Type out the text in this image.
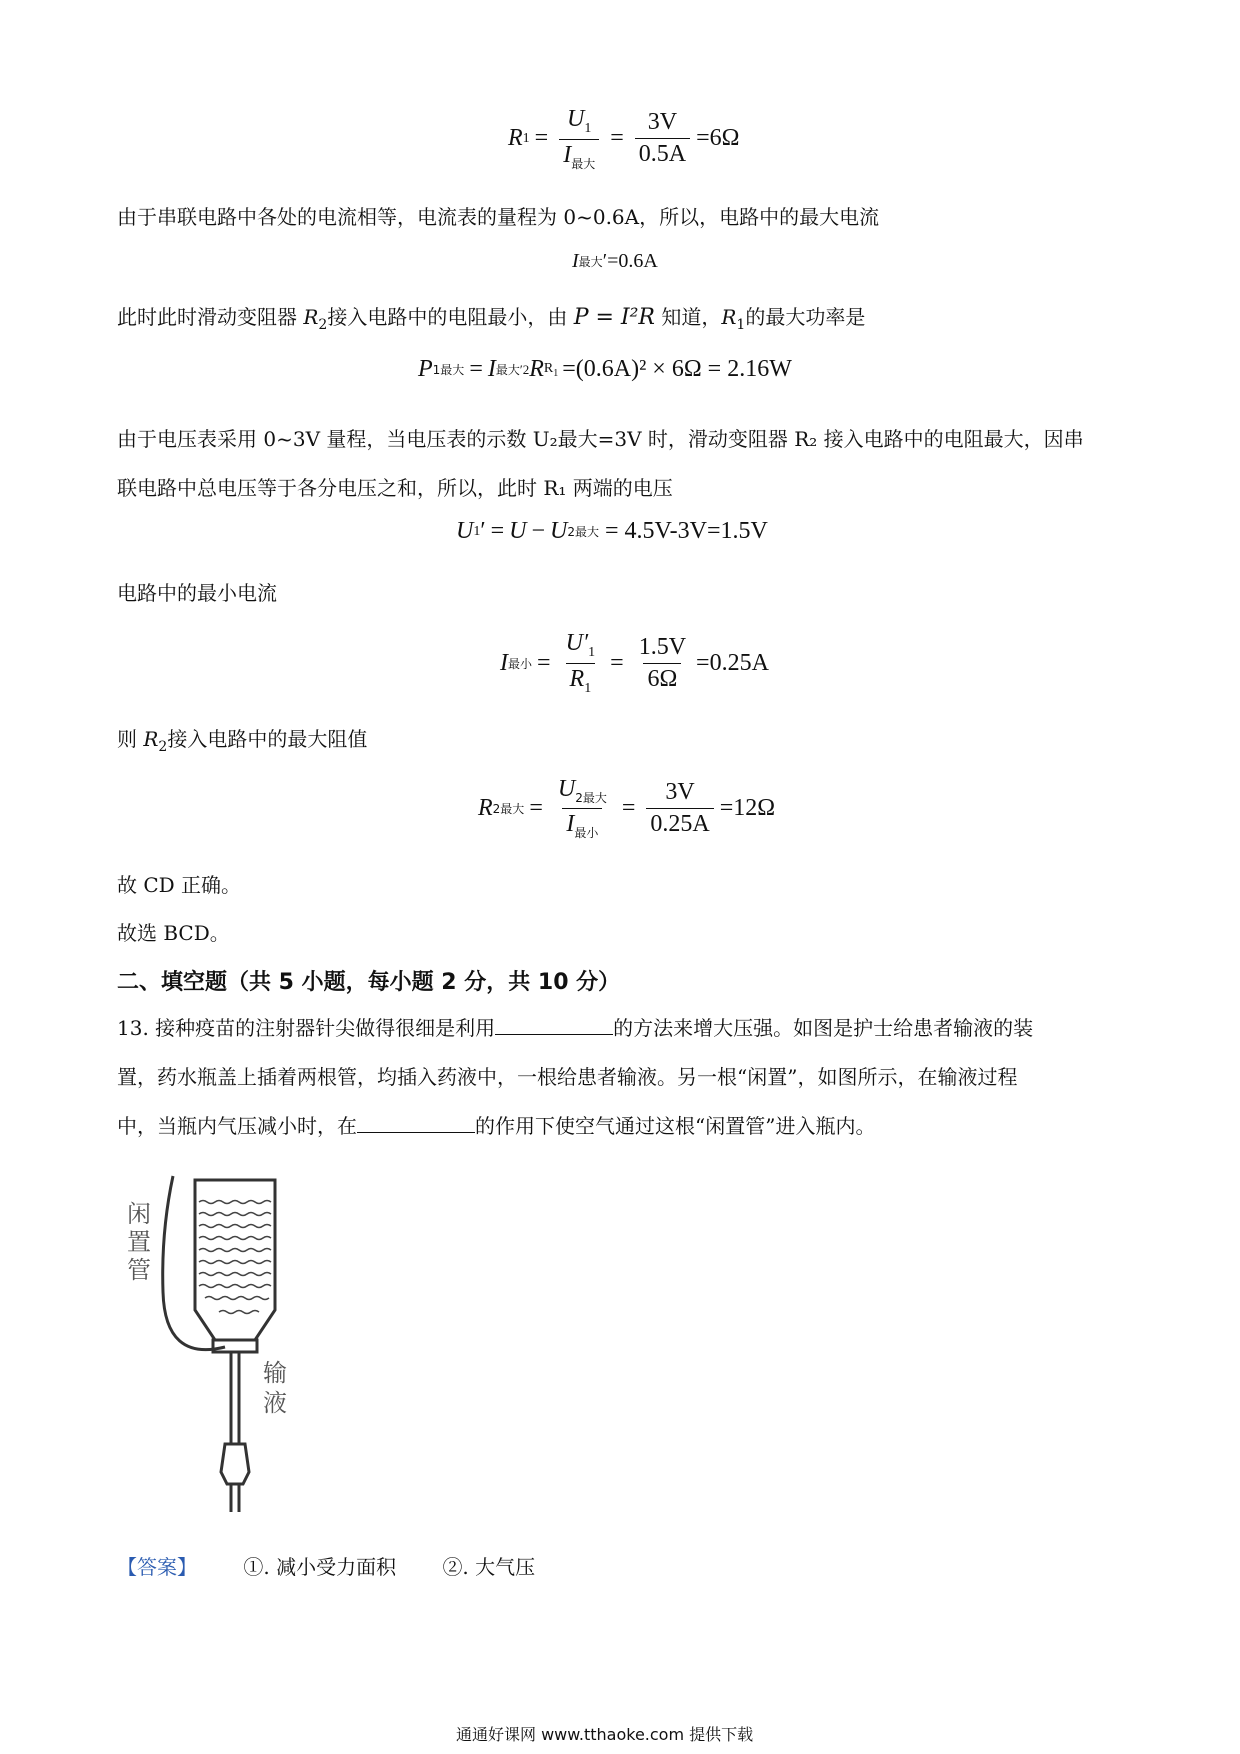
R $1 = \frac{U_1}{I_{最大}} = \frac{3V}{0.5A} =6\Omega$
由于串联电路中各处的电流相等，电流表的量程为 0~0.6A，所以，电路中的最大电流
I 最大 ′=0.6A
此时此时滑动变阻器 $R_2$接入电路中的电阻最小，由 P = I²R 知道，$R_1$的最大功率是
P 1最大 = I 最大 ′2 R $R_1 =(0.6A)^2 \times 6\Omega = 2.16W$
由于电压表采用 0~3V 量程，当电压表的示数 U₂最大=3V 时，滑动变阻器 R₂ 接入电路中的电阻最大，因串
联电路中总电压等于各分电压之和，所以，此时 R₁ 两端的电压
U 1 ′ = U − U 2最大 = 4.5V-3V=1.5V
电路中的最小电流
I 最小 = $\frac{U'_1}{R_1} = \frac{1.5V}{6\Omega} =0.25A$
则 $R_2$接入电路中的最大阻值
R 2最大 = $\frac{U_{2最大}}{I_{最小}} = \frac{3V}{0.25A} =12\Omega$
故 CD 正确。
故选 BCD。
二、填空题（共 5 小题，每小题 2 分，共 10 分）
13. 接种疫苗的注射器针尖做得很细是利用	的方法来增大压强。如图是护士给患者输液的装
置，药水瓶盖上插着两根管，均插入药液中，一根给患者输液。另一根“闲置”，如图所示，在输液过程
中，当瓶内气压减小时，在	的作用下使空气通过这根“闲置管”进入瓶内。
闲置管
输液
【答案】 ①. 减小受力面积 ②. 大气压
通通好课网 www.tthaoke.com 提供下载
